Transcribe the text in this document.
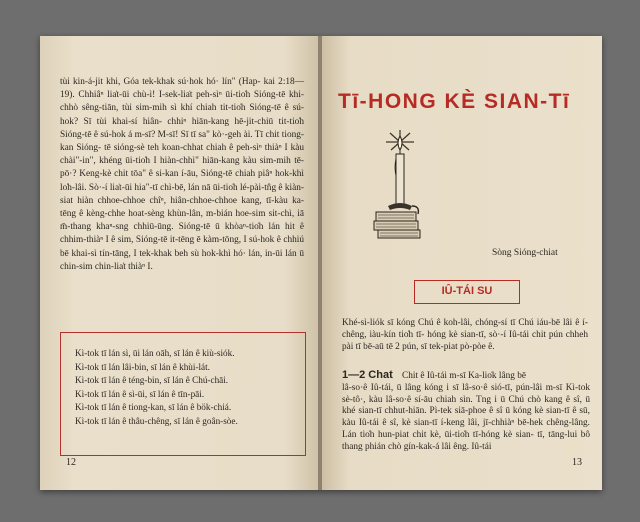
tùi kin-á-jit khi, Góa tek-khak sú·hok hó· lín" (Hap- kai 2:18—19). Chhiâⁿ lia̍t-ūi chù-ì! I-sek-lia̍t peh-sìⁿ ūi-tio̍h Sióng-tē khi-chhò sêng-tiān, tùi sim-mih sì khí chiah tit-tio̍h Sióng-tē ê sú-hok? Sī tùi khai-sí hiân- chhiⁿ hiān-kang hē-jit-chiū tit-tio̍h Sióng-tē ê sú-hok á m-sī? M-sī! Sī tī sa" kò·-geh ài. Tī chit tiong-kan Sióng- tē sióng-sè teh koan-chhat chiah ê peh-sìⁿ thiàⁿ I kàu chài"-in", khéng ūi-tio̍h I hiàn-chhì" hiān-kang kàu sim-mih tē-pō·? Keng-kè chit tōa" ê si-kan í-āu, Sióng-tē chiah piâⁿ hok-khì lo̍h-lâi. Sò·-í lia̍t-ūi hia"-tī chì-bē, lán nā ūi-tio̍h lé-pài-tn̂g ê kiàn-siat hiàn chhoe-chhoe chîⁿ, hiân-chhoe-chhoe kang, tī-kàu ka-tēng ê kèng-chhe hoat-sèng khùn-lân, m-bián hoe-sim sit-chì, iā m̄-thang khaⁿ-sng chhiū-ūng. Sióng-tē ū khòaⁿ-tio̍h lán hit ê chhim-thiàⁿ I ê sim, Sióng-tē it-tēng ē kàm-tōng, I sú-hok ê chhiú bē khai-sì tín-tāng, I tek-khak beh sù hok-khì hó· lán, in-ūi lán ū chin-sim chin-lia̍t thiàⁿ I.

Kì-tok tī lán sì, ūi lán oāh, sī lán ê kiù-siók.
Kì-tok tī lán lâi-bin, sī lán ê khùi-lát.
Kì-tok tī lán ê téng-bin, sī lán ê Chú-chāi.
Kì-tok tī lán ê sì-ūi, sī lán ê tīn-pāi.
Kì-tok tī lán ê tiong-kan, sī lán ê bök-chiá.
Kì-tok tī lán ê thâu-chêng, sī lán ê goân-sòe.
12
Tī-HONG KÈ SIAN-Tī
Sòng Sióng-chiat
IÛ-TÁI SU

Khé-sì-liók sī kóng Chú ê koh-lâi, chóng-sí tī Chú iáu-bē lâi ê í-chêng, iàu-kín tio̍h tī- hóng kè sian-tī, sò·-í Iû-tái chit pún chheh pài tī bē-aū tē 2 pún, sī tek-piat pò-pòe ê.

1—2 Chat Chit ê Iû-tái m-sī Ka-lio̍k lâng bē

lâ-so·ê Iû-tái, ū lâng kóng i sī lâ-so·ê sió-tī, pún-lâi m-sī Kì-tok sè-tô·, kàu lâ-so·ê sí-āu chiah sìn. Tng i ū Chú chò kang ê sî, ū khé sian-tī chhut-hiān. Pì-tek siā-phoe ê sî ū kóng kè sian-tī ê sū, kàu Iû-tái ê sî, kè sian-tī í-keng lâi, jī-chhiàⁿ bē-hek chêng-lâng. Lán tio̍h hun-piat chit kè, ūi-tio̍h tī-hóng kè sian- tī, tāng-lui bô thang phián chò gín-kak-á lâi êng. Iû-tái

13
